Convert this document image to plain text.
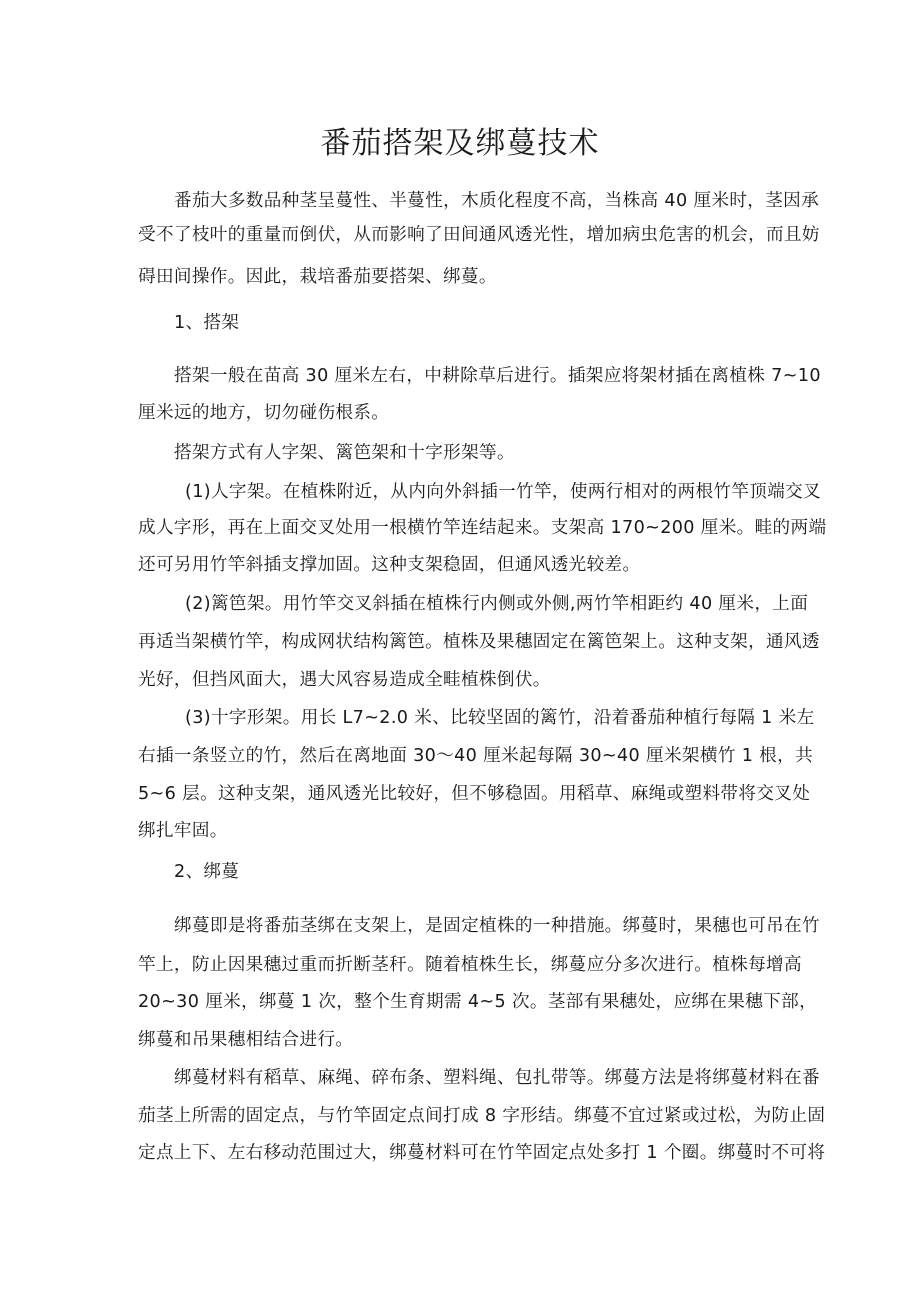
番茄搭架及绑蔓技术
番茄大多数品种茎呈蔓性、半蔓性，木质化程度不高，当株高 40 厘米时，茎因承
受不了枝叶的重量而倒伏，从而影响了田间通风透光性，增加病虫危害的机会，而且妨
碍田间操作。因此，栽培番茄要搭架、绑蔓。
1、搭架
搭架一般在苗高 30 厘米左右，中耕除草后进行。插架应将架材插在离植株 7~10
厘米远的地方，切勿碰伤根系。
搭架方式有人字架、篱笆架和十字形架等。
(1)人字架。在植株附近，从内向外斜插一竹竿，使两行相对的两根竹竿顶端交叉
成人字形，再在上面交叉处用一根横竹竿连结起来。支架高 170~200 厘米。畦的两端
还可另用竹竿斜插支撑加固。这种支架稳固，但通风透光较差。
(2)篱笆架。用竹竿交叉斜插在植株行内侧或外侧,两竹竿相距约 40 厘米，上面
再适当架横竹竿，构成网状结构篱笆。植株及果穗固定在篱笆架上。这种支架，通风透
光好，但挡风面大，遇大风容易造成全畦植株倒伏。
(3)十字形架。用长 L7~2.0 米、比较坚固的篱竹，沿着番茄种植行每隔 1 米左
右插一条竖立的竹，然后在离地面 30～40 厘米起每隔 30~40 厘米架横竹 1 根，共
5~6 层。这种支架，通风透光比较好，但不够稳固。用稻草、麻绳或塑料带将交叉处
绑扎牢固。
2、绑蔓
绑蔓即是将番茄茎绑在支架上，是固定植株的一种措施。绑蔓时，果穗也可吊在竹
竿上，防止因果穗过重而折断茎秆。随着植株生长，绑蔓应分多次进行。植株每增高
20~30 厘米，绑蔓 1 次，整个生育期需 4~5 次。茎部有果穗处，应绑在果穗下部，
绑蔓和吊果穗相结合进行。
绑蔓材料有稻草、麻绳、碎布条、塑料绳、包扎带等。绑蔓方法是将绑蔓材料在番
茄茎上所需的固定点，与竹竿固定点间打成 8 字形结。绑蔓不宜过紧或过松，为防止固
定点上下、左右移动范围过大，绑蔓材料可在竹竿固定点处多打 1 个圈。绑蔓时不可将
